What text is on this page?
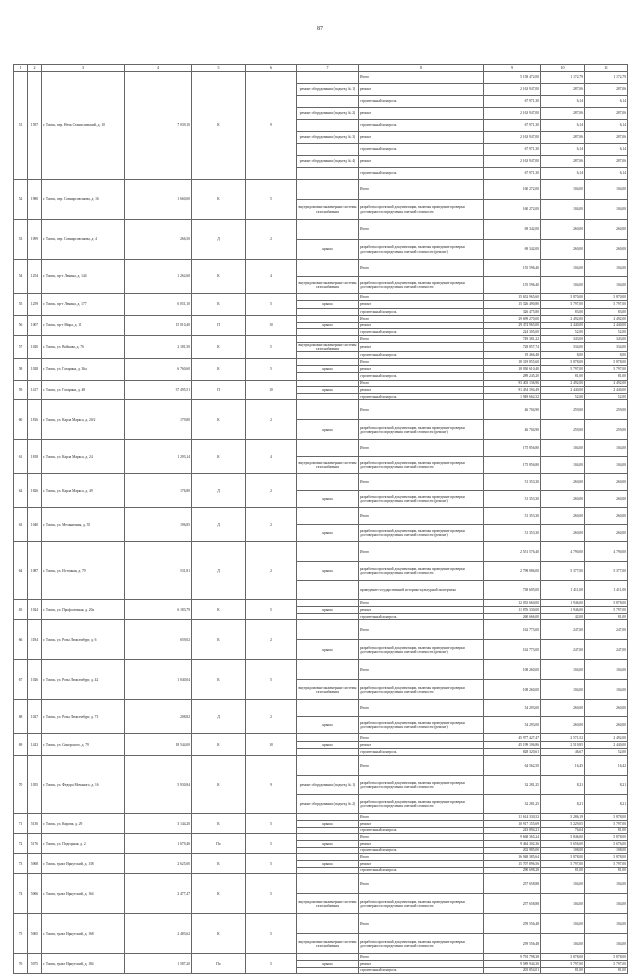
87
1	2	3	4	5	6	7	8	9	10	11
51	1597	г. Томск, пер. Нечк Станиславский, д. 10	7 039,10	К	9		Итого	5 158 472,00	1 172,79	1 172,79
						ремонт оборудования (подъезд № 1)	ремонт	2 163 947,00	287,06	287,06
							строительный контроль	67 971,30	6,14	6,14
						ремонт оборудования (подъезд № 2)	ремонт	2 163 947,00	287,06	287,06
							строительный контроль	67 971,30	6,14	6,14
						ремонт оборудования (подъезд № 3)	ремонт	2 163 947,00	287,06	287,06
							строительный контроль	67 971,30	6,14	6,14
						ремонт оборудования (подъезд № 4)	ремонт	2 163 947,00	287,06	287,06
							строительный контроль	67 971,30	6,14	6,14
52	1980	г. Томск, пер. Совнарсоюзнова, д. 16	1 660,00	К	5		Итого	160 272,00	104,00	104,00
						внутридомовые инженерные системы газоснабжения	разработка проектной документации, включая проведение проверки достоверности определения сметной стоимости	160 272,00	104,00	104,00
53	1099	г. Томск, пер. Совнарсоюзнова, д. 4	266,50	Д	2		Итого	69 342,00	260,00	260,00
						крыша	разработка проектной документации, включая проведение проверки достоверности определения сметной стоимости (ремонт)	69 342,00	260,00	260,00
54	1254	г. Томск, пр-т Ленина, д. 144	1 262,60	К	4		Итого	155 596,40	104,00	104,00
						внутридомовые инженерные системы газоснабжения	разработка проектной документации, включая проведение проверки достоверности определения сметной стоимости	155 596,40	104,00	104,00
55	1259	г. Томск, пр-т Ленина, д. 177	6 051,10	К	5		Итого	15 652 965,60	5 870,00	5 870,00
						крыша	ремонт	15 326 490,80	5 797,00	5 797,00
							строительный контроль	326 475,80	83,00	83,00
56	1007	г. Томск, пр-т Мира, д. 11	15 010,40	П	10		Итого	29 699 270,00	2 492,00	2 492,00
						крыша	ремонт	29 474 965,00	2 440,00	2 440,00
							строительный контроль	224 305,00	52,00	52,00
57	1020	г. Томск, ул. Войкова, д. 76	2 181,50	К	5		Итого	749 381,22	343,00	343,00
						внутридомовые инженерные системы газоснабжения	ремонт	728 857,74	334,00	334,00
							строительный контроль	19 466,48	8,00	8,00
58	1028	г. Томск, ул. Гагарина, д. 36а	6 760,60	К	5		Итого	18 319 855,60	5 878,00	5 878,00
						крыша	ремонт	18 030 610,40	5 797,00	5 797,00
							строительный контроль	289 245,20	81,00	81,00
59	1417	г. Томск, ул. Гагарина, д. 48	37 495,51	П	10		Итого	93 403 136,96	2 492,00	2 492,00
						крыша	ремонт	91 454 394,49	2 440,00	2 440,00
							строительный контроль	1 949 662,52	52,00	52,00
60	1816	г. Томск, ул. Карла Маркса, д. 20/2	179,80	К	2		Итого	46 704,90	259,00	259,00
						крыша	разработка проектной документации, включая проведение проверки достоверности определения сметной стоимости (ремонт)	46 704,90	259,00	259,00
61	1818	г. Томск, ул. Карла Маркса, д. 24	1 293,14	К	4		Итого	175 856,80	104,00	104,00
						внутридомовые инженерные системы газоснабжения	разработка проектной документации, включая проведение проверки достоверности определения сметной стоимости	175 856,80	104,00	104,00
62	1826	г. Томск, ул. Карла Маркса, д. 49	176,80	Д	2		Итого	51 353,30	260,00	260,00
						крыша	разработка проектной документации, включая проведение проверки достоверности определения сметной стоимости (ремонт)	51 353,30	260,00	260,00
63	1040	г. Томск, ул. Мельничная, д. 55	196,85	Д	2		Итого	51 353,30	260,00	260,00
						крыша	разработка проектной документации, включая проведение проверки достоверности определения сметной стоимости (ремонт)	51 353,30	260,00	260,00
64	1087	г. Томск, ул. Источная, д. 79	531,81	Д	2		Итого	2 551 576,40	4 790,00	4 790,00
						крыша	разработка проектной документации, включая проведение проверки достоверности определения сметной стоимости	2 798 086,00	5 377,00	5 377,00
							проведение государственной историко-культурной экспертизы	738 605,00	1 411,00	1 411,00
65	1024	г. Томск, ул. Профсоюзная, д. 20а	6 183,79	К	5		Итого	12 035 660,00	1 946,00	5 878,00
						крыша	ремонт	11 876 330,00	1 946,00	5 797,00
							строительный контроль	260 666,00	42,00	81,00
66	1184	г. Томск, ул. Розы Люксембург, д. 6	659,02	К	2		Итого	162 773,00	247,00	247,00
						крыша	разработка проектной документации, включая проведение проверки достоверности определения сметной стоимости (ремонт)	162 773,00	247,00	247,00
67	1026	г. Томск, ул. Розы Люксембург, д. 42	1 040,04	К	5		Итого	108 260,00	104,00	104,00
						внутридомовые инженерные системы газоснабжения	разработка проектной документации, включая проведение проверки достоверности определения сметной стоимости	108 260,00	104,00	104,00
68	1027	г. Томск, ул. Розы Люксембург, д. 73	208,82	Д	2		Итого	54 293,00	260,00	260,00
						крыша	разработка проектной документации, включая проведение проверки достоверности определения сметной стоимости (ремонт)	54 293,00	260,00	260,00
69	1423	г. Томск, ул. Сикорского, д. 79	18 544,00	К	10		Итого	45 977 427,47	2 571,52	2 492,00
						крыша	ремонт	45 199 106,86	2 519,85	2 440,00
							строительный контроль	828 320,61	46,67	52,00
70	1055	г. Томск, ул. Федора Мочаного, д. 16	5 930,84	К	9		Итого	64 562,50	16,45	16,42
						ремонт оборудования (подъезд № 1)	разработка проектной документации, включая проведение проверки достоверности определения сметной стоимости	32 281,25	8,21	8,21
						ремонт оборудования (подъезд № 2)	разработка проектной документации, включая проведение проверки достоверности определения сметной стоимости	32 281,25	8,21	8,21
71	5130	г. Томск, ул. Кирова, д. 29	3 144,20	К	5		Итого	11 614 330,52	5 286,19	5 878,00
						крыша	ремонт	10 917 155,69	5 229,05	5 797,00
							строительный контроль	243 894,21	76,64	81,00
72	5176	г. Томск, ул. Подгорная, д. 2	1 679,46	По	5		Итого	9 668 365,24	5 846,00	5 878,00
						крыша	ремонт	9 464 302,36	5 656,00	5 676,00
							строительный контроль	202 985,00	108,00	108,00
73	5068	г. Томск, тракт Иркутский, д. 138	2 625,00	К	5		Итого	16 948 385,64	5 878,00	5 878,00
						крыша	ремонт	15 707 896,56	5 797,00	5 797,00
							строительный контроль	290 698,28	81,00	81,00
74	5066	г. Томск, тракт Иркутский, д. 164	2 477,47	К	5		Итого	257 658,88	104,00	104,00
						внутридомовые инженерные системы газоснабжения	разработка проектной документации, включая проведение проверки достоверности определения сметной стоимости	257 658,88	104,00	104,00
75	5065	г. Томск, тракт Иркутский, д. 168	2 483,62	К	5		Итого	259 556,48	104,00	104,00
						внутридомовые инженерные системы газоснабжения	разработка проектной документации, включая проведение проверки достоверности определения сметной стоимости	259 556,48	104,00	104,00
76	5075	г. Томск, тракт Иркутский, д. 184	1 587,20	По	5		Итого	9 793 798,38	5 878,00	5 878,00
						крыша	ремонт	9 589 944,30	5 797,00	5 797,00
							строительный контроль	203 854,01	81,00	81,00
